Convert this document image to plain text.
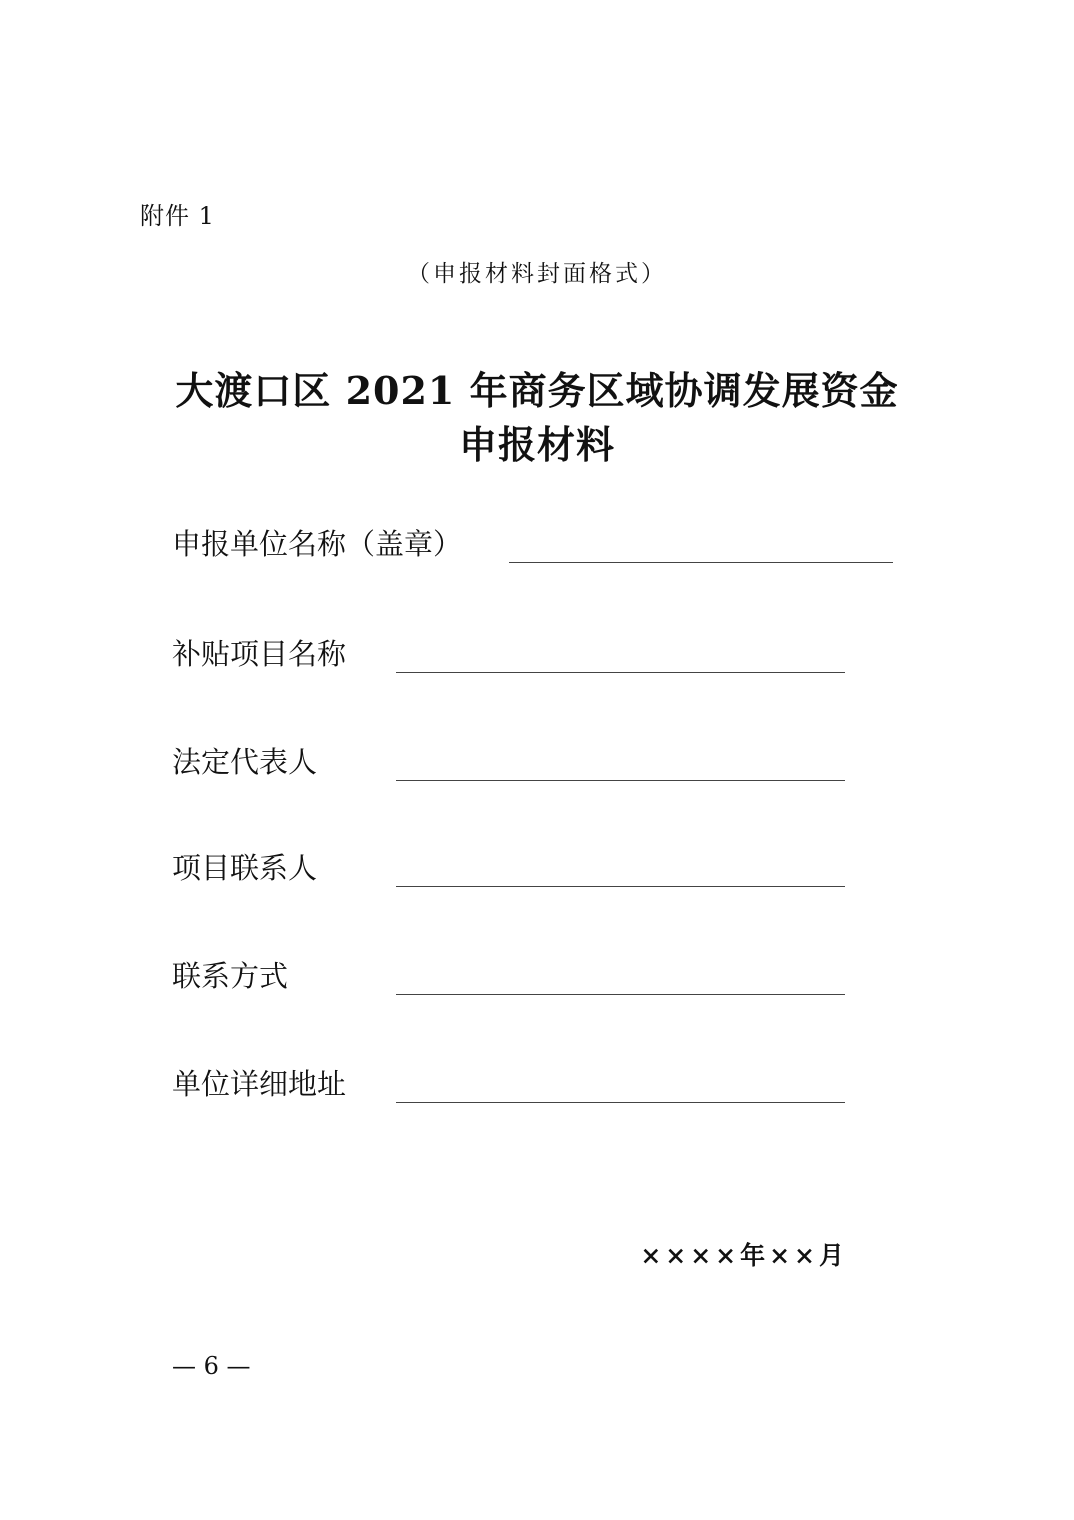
附件 1
（申报材料封面格式）
大渡口区 2021 年商务区域协调发展资金
申报材料
申报单位名称（盖章）
补贴项目名称
法定代表人
项目联系人
联系方式
单位详细地址
××××年××月
— 6 —
